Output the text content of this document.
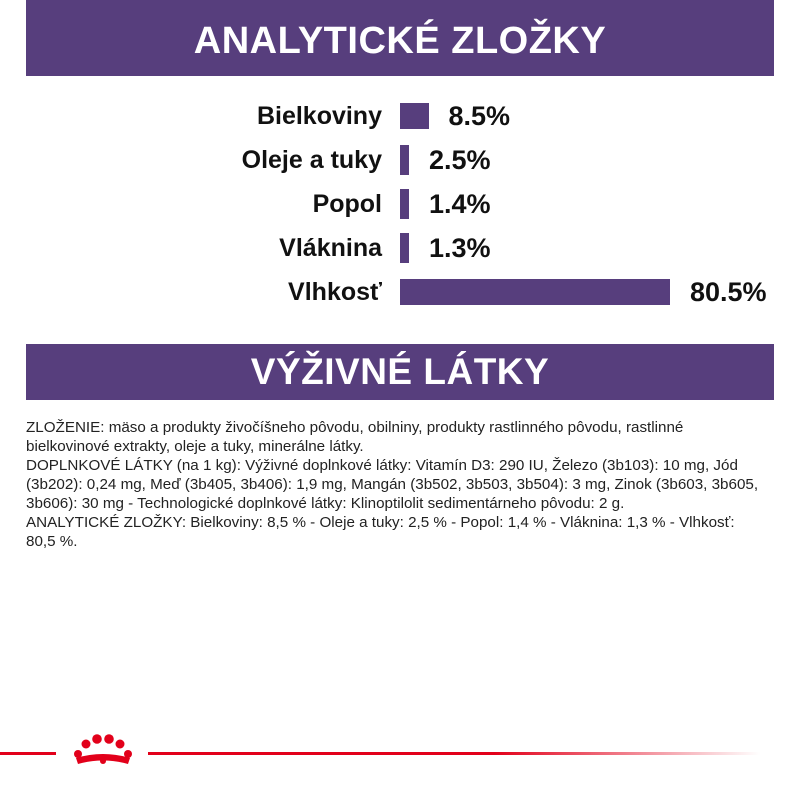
ANALYTICKÉ ZLOŽKY
Bielkoviny 8.5%
Oleje a tuky 2.5%
Popol 1.4%
Vláknina 1.3%
Vlhkosť	80.5%
VÝŽIVNÉ LÁTKY

ZLOŽENIE: mäso a produkty živočíšneho pôvodu, obilniny, produkty rastlinného pôvodu, rastlinné bielkovinové extrakty, oleje a tuky, minerálne látky.

DOPLNKOVÉ LÁTKY (na 1 kg): Výživné doplnkové látky: Vitamín D3: 290 IU, Železo (3b103): 10 mg, Jód (3b202): 0,24 mg, Meď (3b405, 3b406): 1,9 mg, Mangán (3b502, 3b503, 3b504): 3 mg, Zinok (3b603, 3b605, 3b606): 30 mg - Technologické doplnkové látky: Klinoptilolit sedimentárneho pôvodu: 2 g.

ANALYTICKÉ ZLOŽKY: Bielkoviny: 8,5 % - Oleje a tuky: 2,5 % - Popol: 1,4 % - Vláknina: 1,3 % - Vlhkosť: 80,5 %.
